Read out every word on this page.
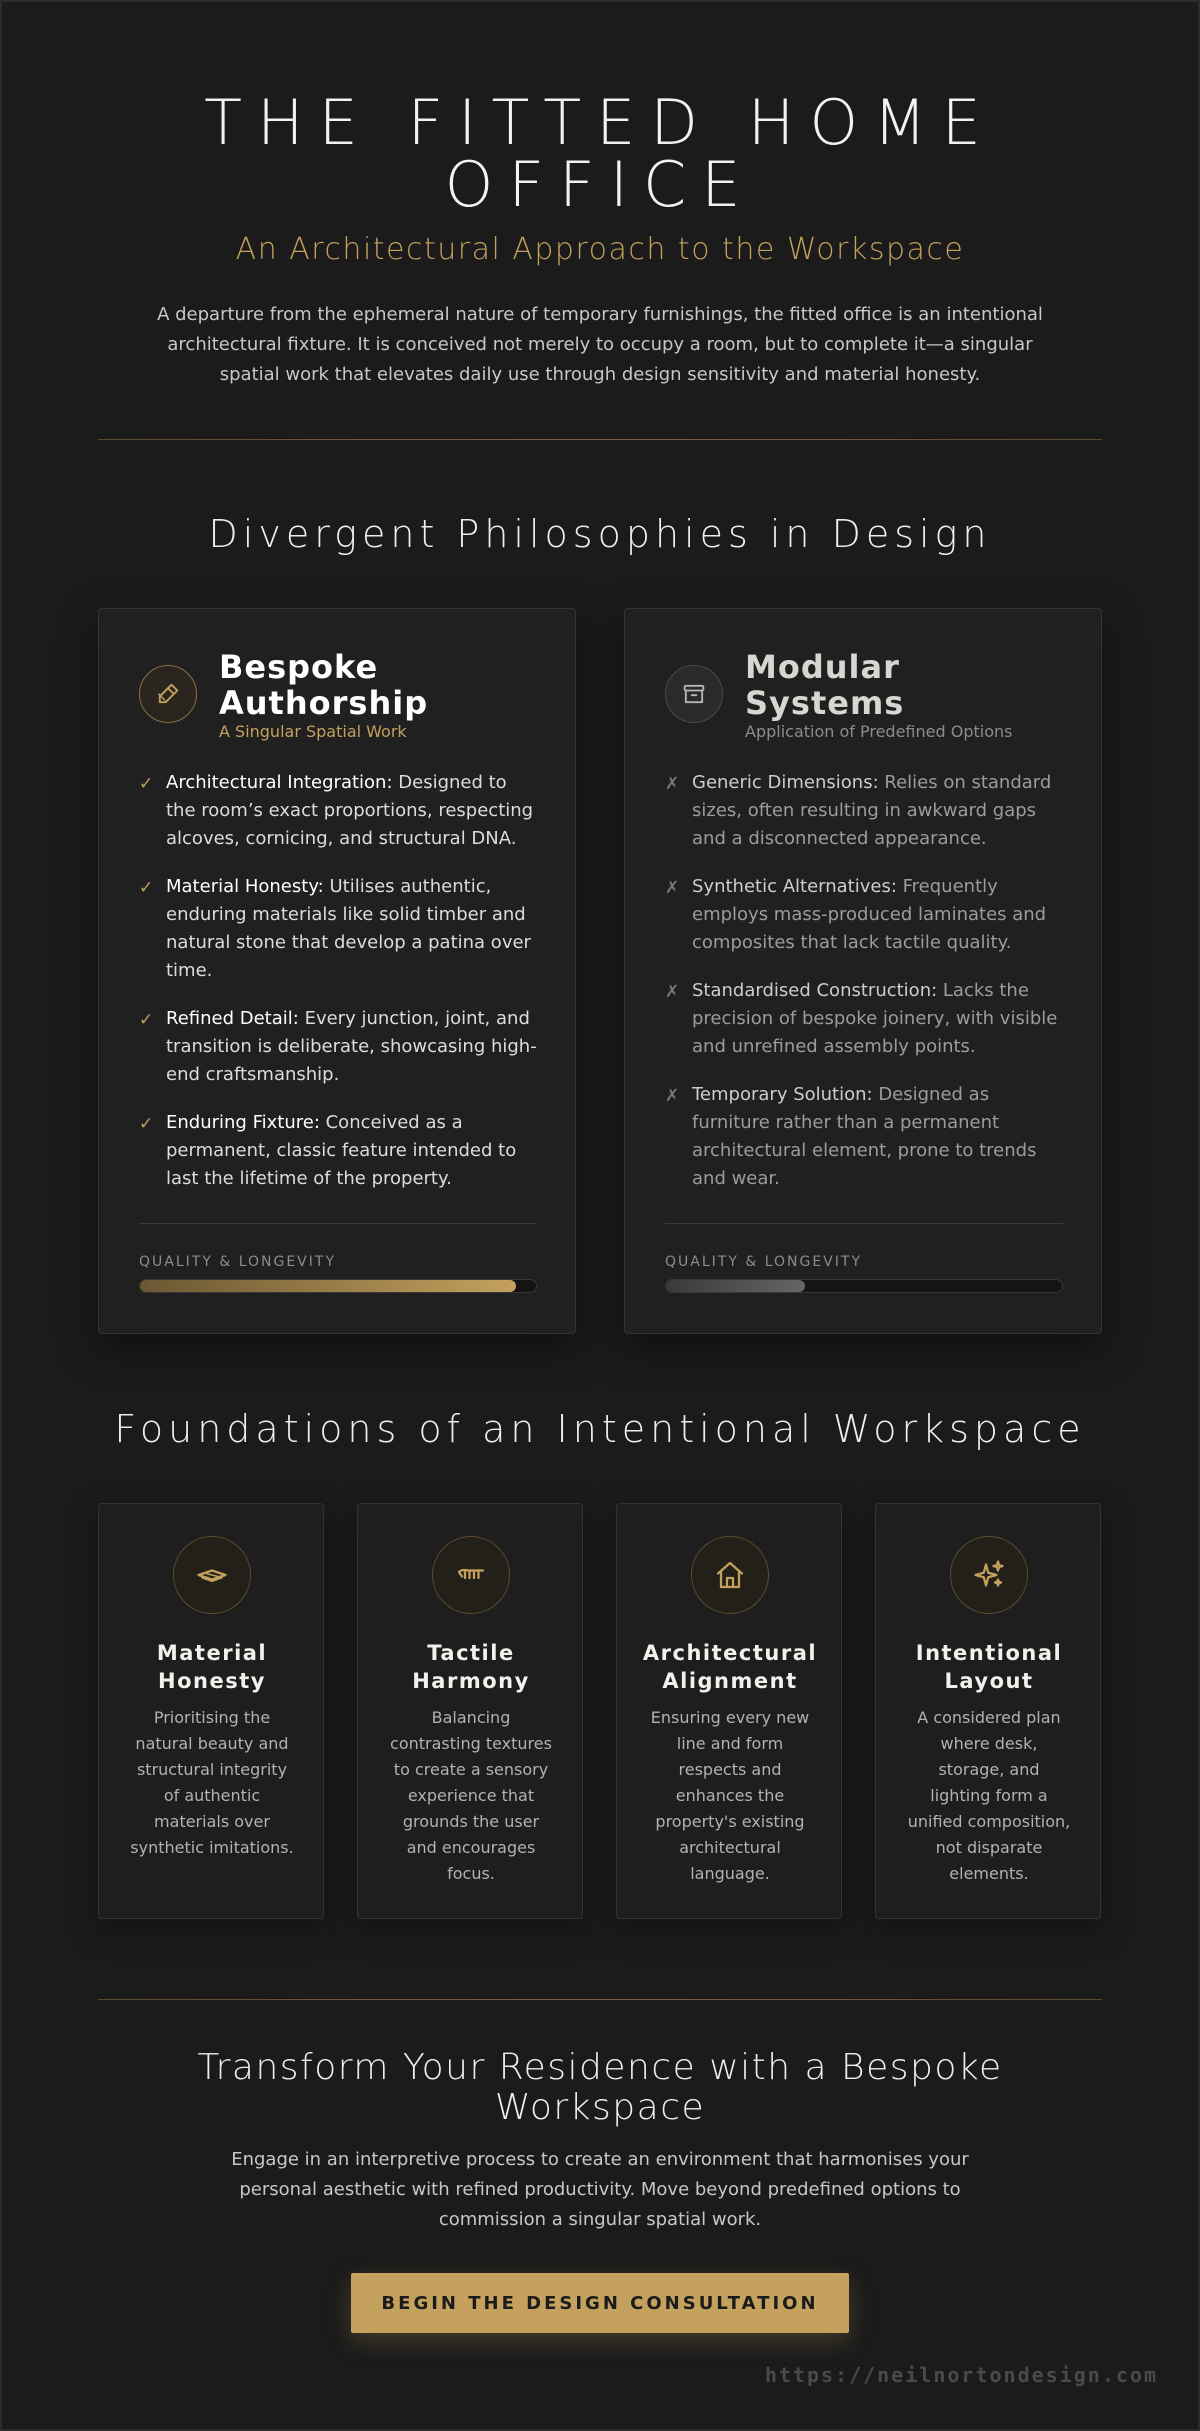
THE FITTED HOME
OFFICE
An Architectural Approach to the Workspace

A departure from the ephemeral nature of temporary furnishings, the fitted office is an intentional architectural fixture. It is conceived not merely to occupy a room, but to complete it—a singular spatial work that elevates daily use through design sensitivity and material honesty.

Divergent Philosophies in Design
Bespoke
Authorship
A Singular Spatial Work
✓ Architectural Integration: Designed to the room’s exact proportions, respecting alcoves, cornicing, and structural DNA.
✓ Material Honesty: Utilises authentic, enduring materials like solid timber and natural stone that develop a patina over time.
✓ Refined Detail: Every junction, joint, and transition is deliberate, showcasing high-end craftsmanship.
✓ Enduring Fixture: Conceived as a permanent, classic feature intended to last the lifetime of the property.
QUALITY & LONGEVITY
Modular
Systems
Application of Predefined Options
✗ Generic Dimensions: Relies on standard sizes, often resulting in awkward gaps and a disconnected appearance.
✗ Synthetic Alternatives: Frequently employs mass-produced laminates and composites that lack tactile quality.
✗ Standardised Construction: Lacks the precision of bespoke joinery, with visible and unrefined assembly points.
✗ Temporary Solution: Designed as furniture rather than a permanent architectural element, prone to trends and wear.
QUALITY & LONGEVITY
Foundations of an Intentional Workspace
Material Honesty
Prioritising the natural beauty and structural integrity of authentic materials over synthetic imitations.
Tactile Harmony
Balancing contrasting textures to create a sensory experience that grounds the user and encourages focus.
Architectural Alignment
Ensuring every new line and form respects and enhances the property's existing architectural language.
Intentional Layout
A considered plan where desk, storage, and lighting form a unified composition, not disparate elements.
Transform Your Residence with a Bespoke Workspace

Engage in an interpretive process to create an environment that harmonises your personal aesthetic with refined productivity. Move beyond predefined options to commission a singular spatial work.

BEGIN THE DESIGN CONSULTATION
https://neilnortondesign.com
